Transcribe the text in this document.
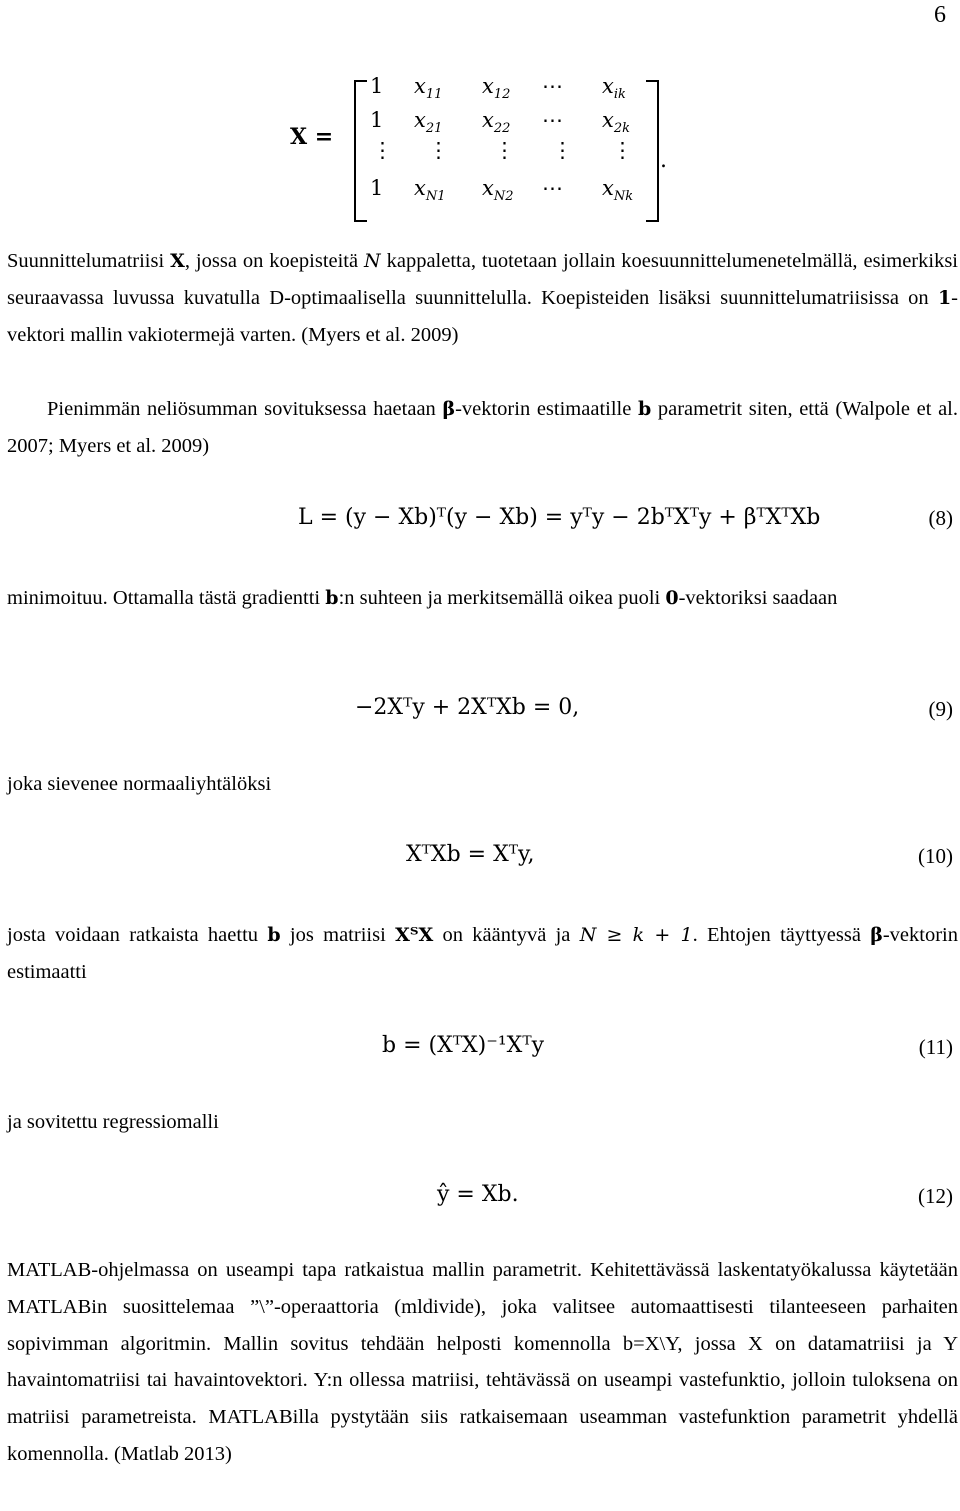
6
X =
1 $x_{11}$ $x_{12}$ ⋯ $x_{ik}$
1 $x_{21}$ $x_{22}$ ⋯ $x_{2k}$
⋮ ⋮ ⋮ ⋮ ⋮
1 $x_{N1}$ $x_{N2}$ ⋯ $x_{Nk}$
.
Suunnittelumatriisi X, jossa on koepisteitä N kappaletta, tuotetaan jollain koesuunnittelumenetelmällä, esimerkiksi seuraavassa luvussa kuvatulla D-optimaalisella suunnittelulla. Koepisteiden lisäksi suunnittelumatriisissa on 1-vektori mallin vakiotermejä varten. (Myers et al. 2009)
Pienimmän neliösumman sovituksessa haetaan β-vektorin estimaatille b parametrit siten, että (Walpole et al. 2007; Myers et al. 2009)
L = (y − Xb)ᵀ(y − Xb) = yᵀy − 2bᵀXᵀy + βᵀXᵀXb	(8)
minimoituu. Ottamalla tästä gradientti b:n suhteen ja merkitsemällä oikea puoli 0-vektoriksi saadaan
−2Xᵀy + 2XᵀXb = 0,	(9)
joka sievenee normaaliyhtälöksi
XᵀXb = Xᵀy,	(10)
josta voidaan ratkaista haettu b jos matriisi XᵀX on kääntyvä ja N ≥ k + 1. Ehtojen täyttyessä β-vektorin estimaatti
b = (XᵀX)⁻¹Xᵀy	(11)
ja sovitettu regressiomalli
ŷ = Xb.	(12)
MATLAB-ohjelmassa on useampi tapa ratkaistua mallin parametrit. Kehitettävässä laskentatyökalussa käytetään MATLABin suosittelemaa ”\”-operaattoria (mldivide), joka valitsee automaattisesti tilanteeseen parhaiten sopivimman algoritmin. Mallin sovitus tehdään helposti komennolla b=X\Y, jossa X on datamatriisi ja Y havaintomatriisi tai havaintovektori. Y:n ollessa matriisi, tehtävässä on useampi vastefunktio, jolloin tuloksena on matriisi parametreista. MATLABilla pystytään siis ratkaisemaan useamman vastefunktion parametrit yhdellä komennolla. (Matlab 2013)
